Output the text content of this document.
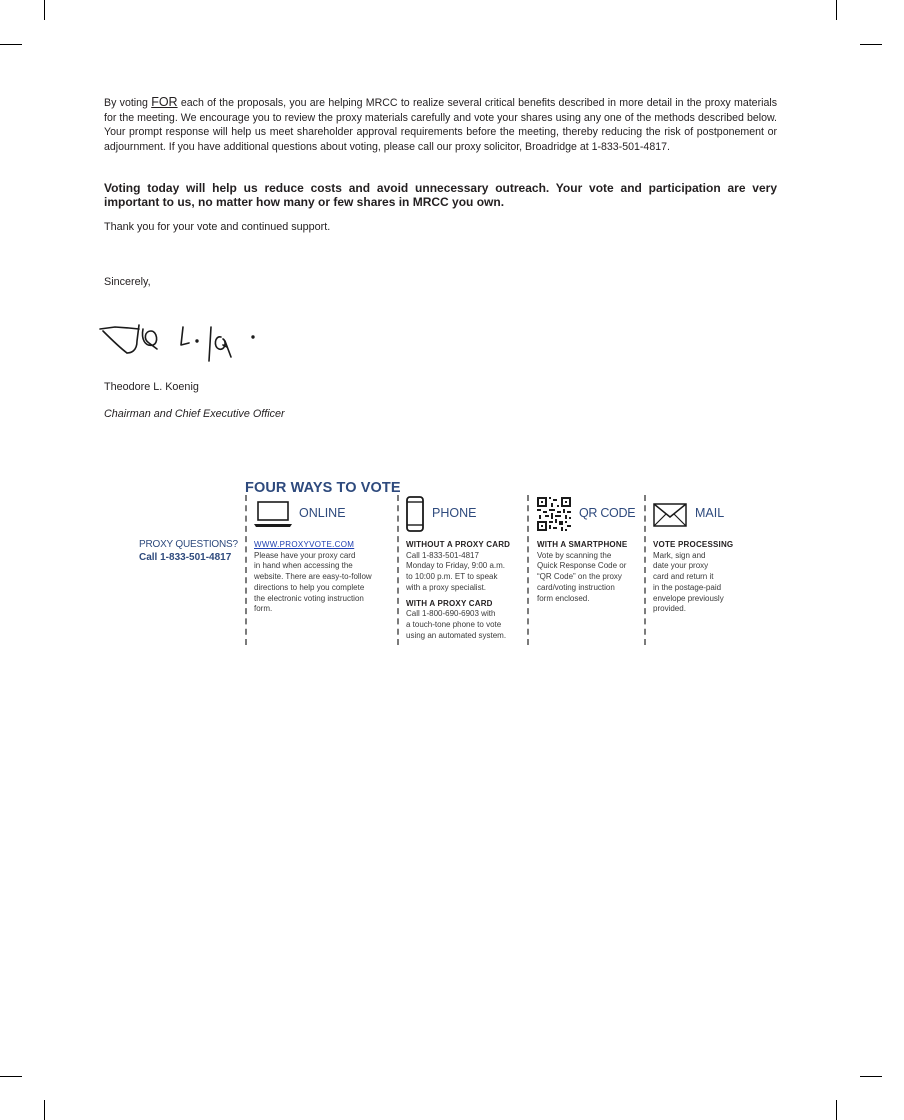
By voting FOR each of the proposals, you are helping MRCC to realize several critical benefits described in more detail in the proxy materials for the meeting. We encourage you to review the proxy materials carefully and vote your shares using any one of the methods described below. Your prompt response will help us meet shareholder approval requirements before the meeting, thereby reducing the risk of postponement or adjournment. If you have additional questions about voting, please call our proxy solicitor, Broadridge at 1-833-501-4817.

Voting today will help us reduce costs and avoid unnecessary outreach. Your vote and participation are very important to us, no matter how many or few shares in MRCC you own.

Thank you for your vote and continued support.

Sincerely,

Theodore L. Koenig

Chairman and Chief Executive Officer

FOUR WAYS TO VOTE
PROXY QUESTIONS?
Call 1-833-501-4817
ONLINE

WWW.PROXYVOTE.COM

Please have your proxy card

in hand when accessing the

website. There are easy-to-follow

directions to help you complete

the electronic voting instruction

form.

PHONE

WITHOUT A PROXY CARD

Call 1-833-501-4817

Monday to Friday, 9:00 a.m.

to 10:00 p.m. ET to speak

with a proxy specialist.

WITH A PROXY CARD

Call 1-800-690-6903 with

a touch-tone phone to vote

using an automated system.

QR CODE

WITH A SMARTPHONE

Vote by scanning the

Quick Response Code or

“QR Code” on the proxy

card/voting instruction

form enclosed.

MAIL

VOTE PROCESSING

Mark, sign and

date your proxy

card and return it

in the postage-paid

envelope previously

provided.
